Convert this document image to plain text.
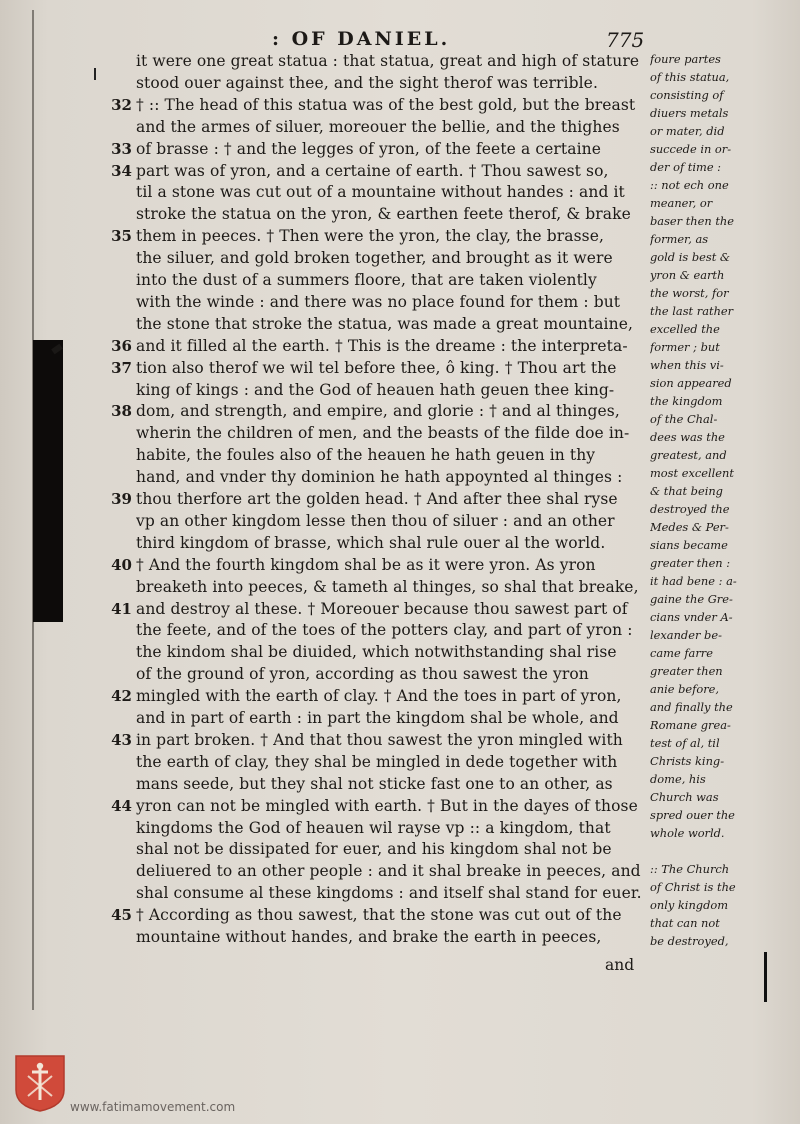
: OF DANIEL.	775
it were one great statua : that statua, great and high of stature
stood ouer against thee, and the sight therof was terrible.
32 † :: The head of this statua was of the best gold, but the breast
and the armes of siluer, moreouer the bellie, and the thighes
33 of brasse : † and the legges of yron, of the feete a certaine
34 part was of yron, and a certaine of earth. † Thou sawest so,
til a stone was cut out of a mountaine without handes : and it
stroke the statua on the yron, & earthen feete therof, & brake
35 them in peeces. † Then were the yron, the clay, the brasse,
the siluer, and gold broken together, and brought as it were
into the dust of a summers floore, that are taken violently
with the winde : and there was no place found for them : but
the stone that stroke the statua, was made a great mountaine,
36 and it filled al the earth. † This is the dreame : the interpreta-
37 tion also therof we wil tel before thee, ô king. † Thou art the
king of kings : and the God of heauen hath geuen thee king-
38 dom, and strength, and empire, and glorie : † and al thinges,
wherin the children of men, and the beasts of the filde doe in-
habite, the foules also of the heauen he hath geuen in thy
hand, and vnder thy dominion he hath appoynted al thinges :
39 thou therfore art the golden head. † And after thee shal ryse
vp an other kingdom lesse then thou of siluer : and an other
third kingdom of brasse, which shal rule ouer al the world.
40 † And the fourth kingdom shal be as it were yron. As yron
breaketh into peeces, & tameth al thinges, so shal that breake,
41 and destroy al these. † Moreouer because thou sawest part of
the feete, and of the toes of the potters clay, and part of yron :
the kindom shal be diuided, which notwithstanding shal rise
of the ground of yron, according as thou sawest the yron
42 mingled with the earth of clay. † And the toes in part of yron,
and in part of earth : in part the kingdom shal be whole, and
43 in part broken. † And that thou sawest the yron mingled with
the earth of clay, they shal be mingled in dede together with
mans seede, but they shal not sticke fast one to an other, as
44 yron can not be mingled with earth. † But in the dayes of those
kingdoms the God of heauen wil rayse vp :: a kingdom, that
shal not be dissipated for euer, and his kingdom shal not be
deliuered to an other people : and it shal breake in peeces, and
shal consume al these kingdoms : and itself shal stand for euer.
45 † According as thou sawest, that the stone was cut out of the
mountaine without handes, and brake the earth in peeces,
foure partes
of this statua,
consisting of
diuers metals
or mater, did
succede in or-
der of time :
:: not ech one
meaner, or
baser then the
former, as
gold is best &
yron & earth
the worst, for
the last rather
excelled the
former ; but
when this vi-
sion appeared
the kingdom
of the Chal-
dees was the
greatest, and
most excellent
& that being
destroyed the
Medes & Per-
sians became
greater then :
it had bene : a-
gaine the Gre-
cians vnder A-
lexander be-
came farre
greater then
anie before,
and finally the
Romane grea-
test of al, til
Christs king-
dome, his
Church was
spred ouer the
whole world.
:: The Church
of Christ is the
only kingdom
that can not
be destroyed,
and
www.fatimamovement.com
